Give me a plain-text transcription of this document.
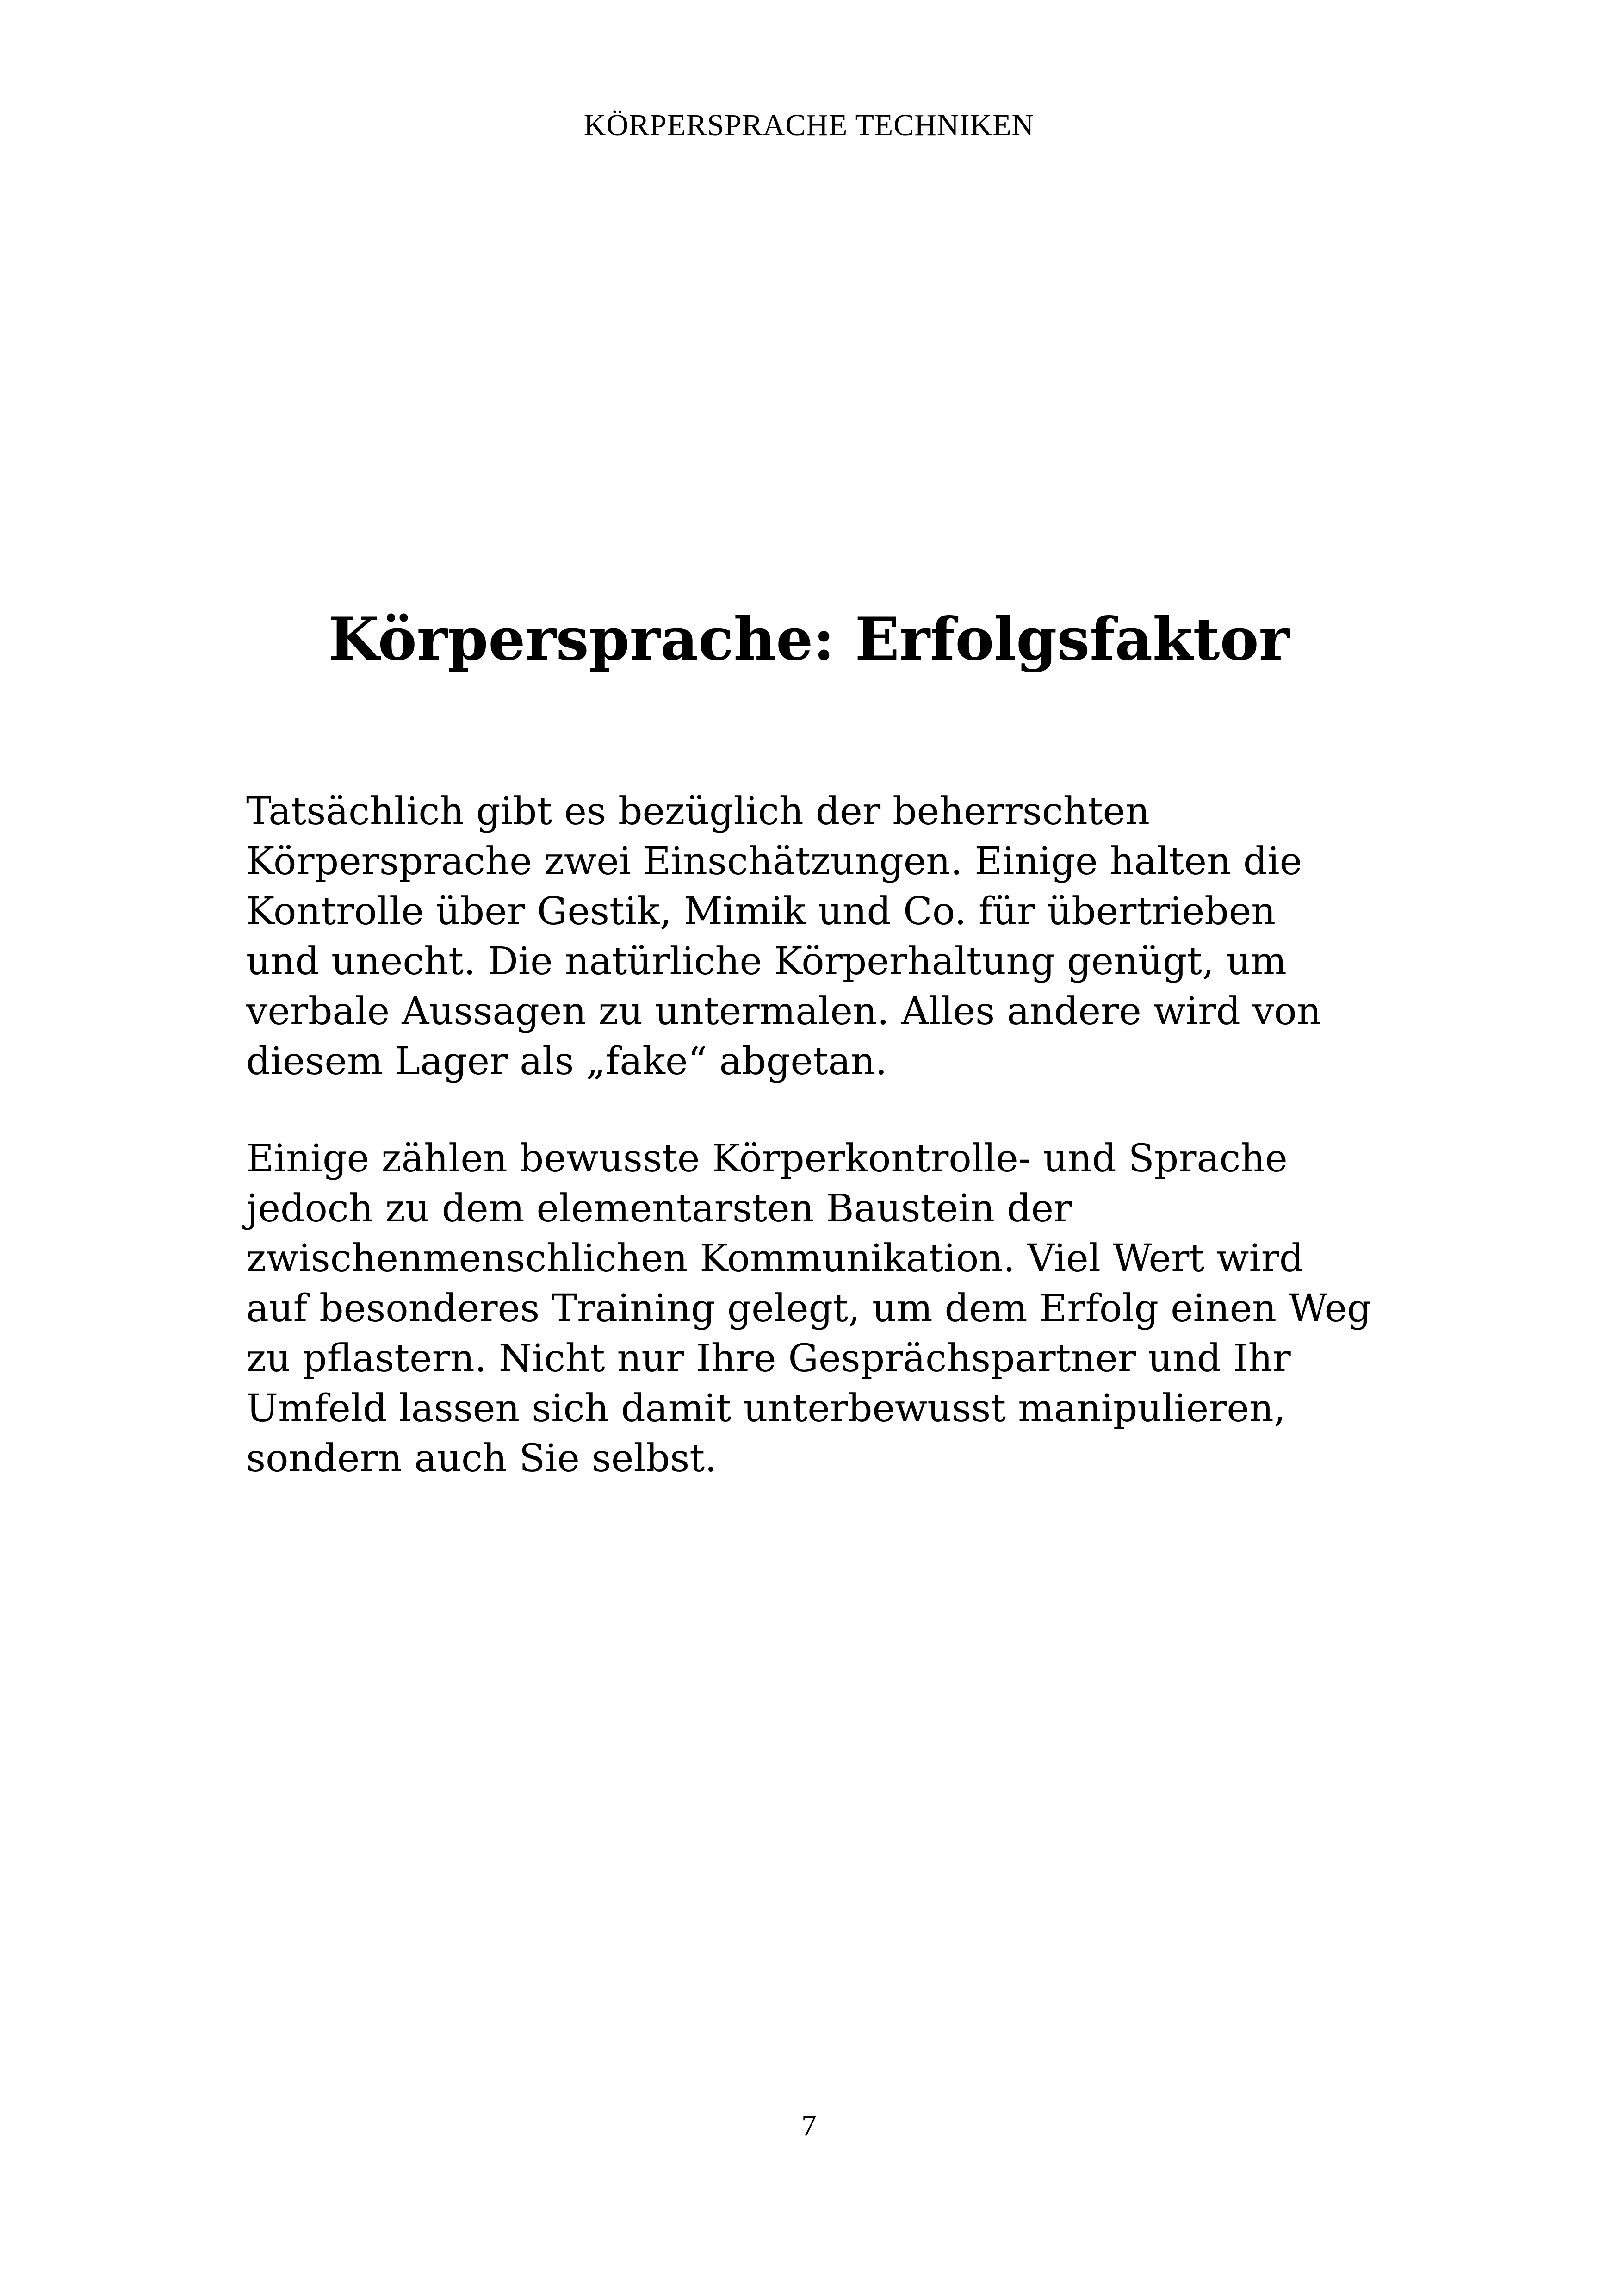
KÖRPERSPRACHE TECHNIKEN
Körpersprache: Erfolgsfaktor

Tatsächlich gibt es bezüglich der beherrschten
Körpersprache zwei Einschätzungen. Einige halten die
Kontrolle über Gestik, Mimik und Co. für übertrieben
und unecht. Die natürliche Körperhaltung genügt, um
verbale Aussagen zu untermalen. Alles andere wird von
diesem Lager als „fake“ abgetan.

Einige zählen bewusste Körperkontrolle- und Sprache
jedoch zu dem elementarsten Baustein der
zwischenmenschlichen Kommunikation. Viel Wert wird
auf besonderes Training gelegt, um dem Erfolg einen Weg
zu pflastern. Nicht nur Ihre Gesprächspartner und Ihr
Umfeld lassen sich damit unterbewusst manipulieren,
sondern auch Sie selbst.

7
